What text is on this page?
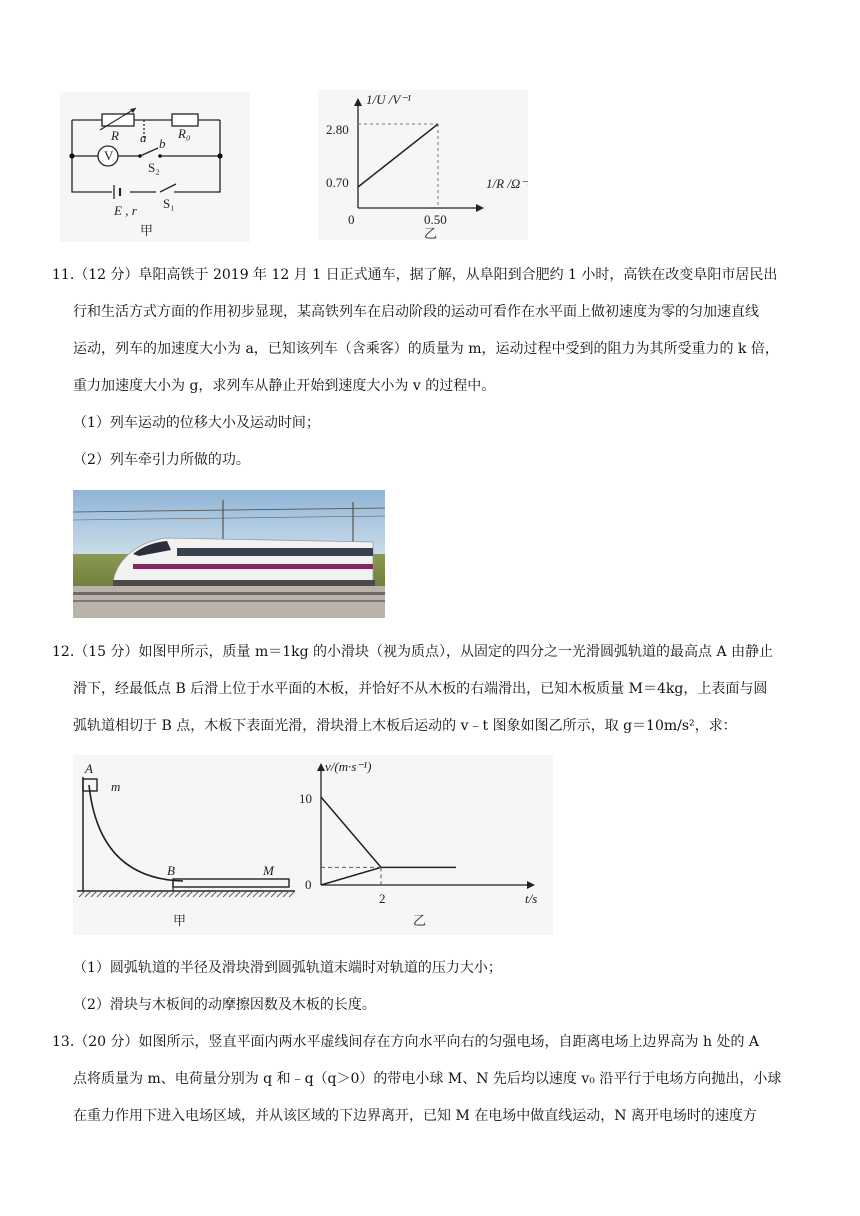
R	R₀
a b
V
S₂
S₁
E , r
甲
1/U /V⁻¹
1/R /Ω⁻¹
2.80
0.70
0	0.50
乙
11.（12 分）阜阳高铁于 2019 年 12 月 1 日正式通车，据了解，从阜阳到合肥约 1 小时，高铁在改变阜阳市居民出
行和生活方式方面的作用初步显现，某高铁列车在启动阶段的运动可看作在水平面上做初速度为零的匀加速直线
运动，列车的加速度大小为 a，已知该列车（含乘客）的质量为 m，运动过程中受到的阻力为其所受重力的 k 倍，
重力加速度大小为 g，求列车从静止开始到速度大小为 v 的过程中。
（1）列车运动的位移大小及运动时间；
（2）列车牵引力所做的功。
12.（15 分）如图甲所示，质量 m＝1kg 的小滑块（视为质点），从固定的四分之一光滑圆弧轨道的最高点 A 由静止
滑下，经最低点 B 后滑上位于水平面的木板，并恰好不从木板的右端滑出，已知木板质量 M＝4kg，上表面与圆
弧轨道相切于 B 点，木板下表面光滑，滑块滑上木板后运动的 v﹣t 图象如图乙所示，取 g＝10m/s²，求：
A
m
B	M
甲
v/(m·s⁻¹)
t/s
10
0
2
乙
（1）圆弧轨道的半径及滑块滑到圆弧轨道末端时对轨道的压力大小；
（2）滑块与木板间的动摩擦因数及木板的长度。
13.（20 分）如图所示，竖直平面内两水平虚线间存在方向水平向右的匀强电场，自距离电场上边界高为 h 处的 A
点将质量为 m、电荷量分别为 q 和﹣q（q＞0）的带电小球 M、N 先后均以速度 v₀ 沿平行于电场方向抛出，小球
在重力作用下进入电场区域，并从该区域的下边界离开，已知 M 在电场中做直线运动，N 离开电场时的速度方
